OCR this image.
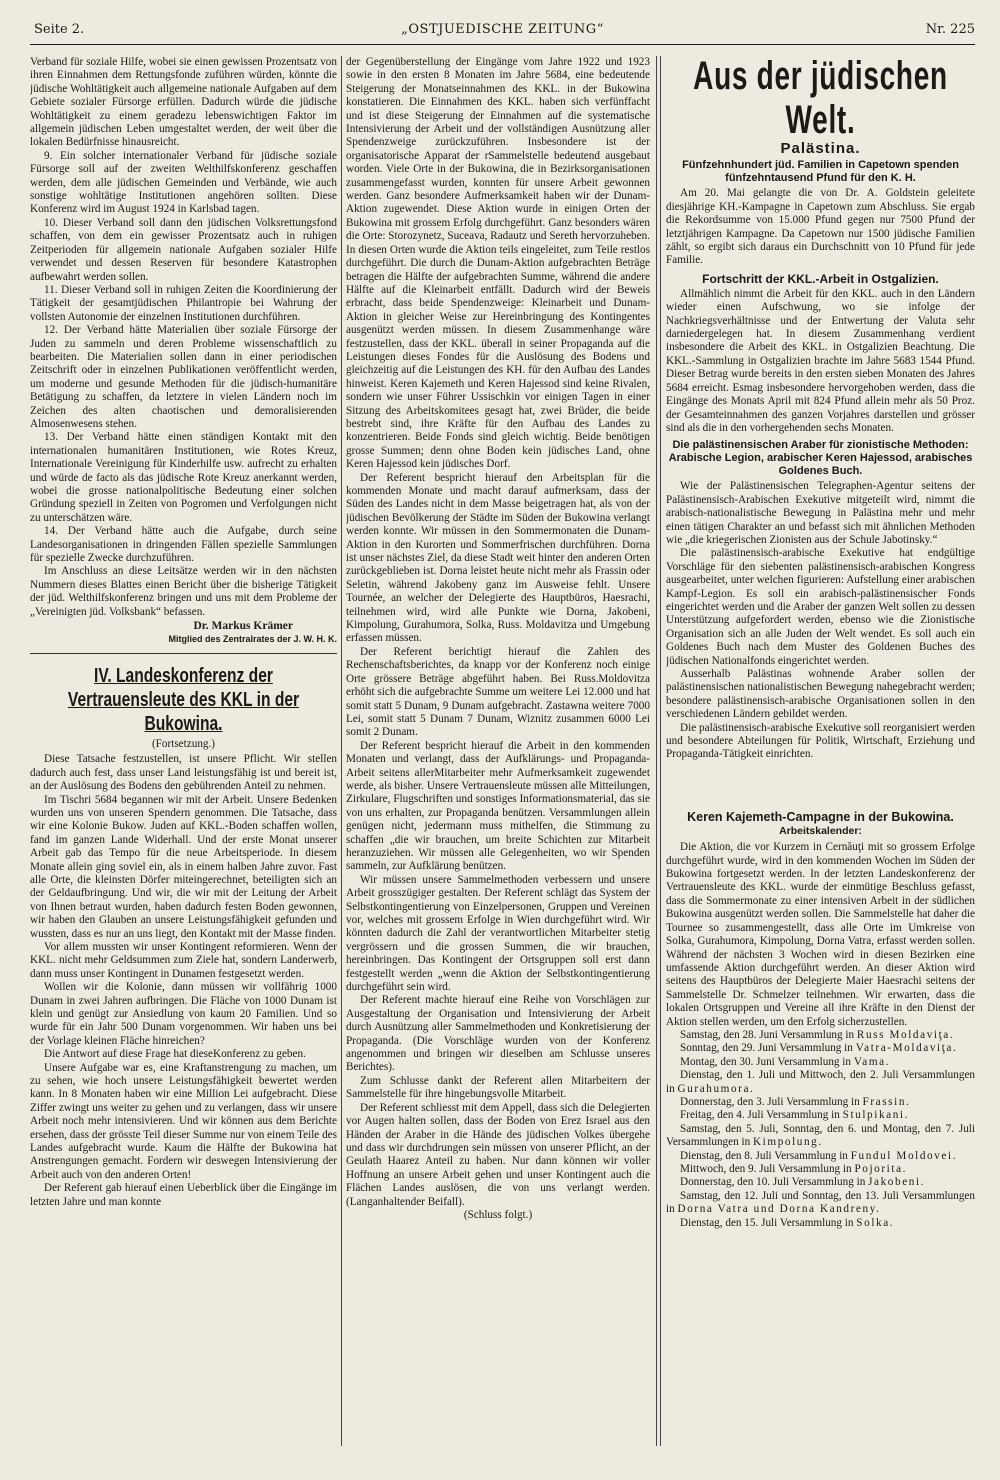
Seite 2.	„OSTJUEDISCHE ZEITUNG“	Nr. 225

Verband für soziale Hilfe, wobei sie einen gewissen Prozentsatz von ihren Einnahmen dem Rettungsfonde zuführen würden, könnte die jüdische Wohltätigkeit auch allgemeine nationale Aufgaben auf dem Gebiete sozialer Fürsorge erfüllen. Dadurch würde die jüdische Wohltätigkeit zu einem geradezu lebenswichtigen Faktor im allgemein jüdischen Leben umgestaltet werden, der weit über die lokalen Bedürfnisse hinausreicht.

9. Ein solcher internationaler Verband für jüdische soziale Fürsorge soll auf der zweiten Welthilfskonferenz geschaffen werden, dem alle jüdischen Gemeinden und Verbände, wie auch sonstige wohltätige Institutionen angehören sollten. Diese Konferenz wird im August 1924 in Karlsbad tagen.

10. Dieser Verband soll dann den jüdischen Volksrettungsfond schaffen, von dem ein gewisser Prozentsatz auch in ruhigen Zeitperioden für allgemein nationale Aufgaben sozialer Hilfe verwendet und dessen Reserven für besondere Katastrophen aufbewahrt werden sollen.

11. Dieser Verband soll in ruhigen Zeiten die Koordinierung der Tätigkeit der gesamtjüdischen Philantropie bei Wahrung der vollsten Autonomie der einzelnen Institutionen durchführen.

12. Der Verband hätte Materialien über soziale Fürsorge der Juden zu sammeln und deren Probleme wissenschaftlich zu bearbeiten. Die Materialien sollen dann in einer periodischen Zeitschrift oder in einzelnen Publikationen veröffentlicht werden, um moderne und gesunde Methoden für die jüdisch-humanitäre Betätigung zu schaffen, da letztere in vielen Ländern noch im Zeichen des alten chaotischen und demoralisierenden Almosenwesens stehen.

13. Der Verband hätte einen ständigen Kontakt mit den internationalen humanitären Institutionen, wie Rotes Kreuz, Internationale Vereinigung für Kinderhilfe usw. aufrecht zu erhalten und würde de facto als das jüdische Rote Kreuz anerkannt werden, wobei die grosse nationalpolitische Bedeutung einer solchen Gründung speziell in Zeiten von Pogromen und Verfolgungen nicht zu unterschätzen wäre.

14. Der Verband hätte auch die Aufgabe, durch seine Landesorganisationen in dringenden Fällen spezielle Sammlungen für spezielle Zwecke durchzuführen.

Im Anschluss an diese Leitsätze werden wir in den nächsten Nummern dieses Blattes einen Bericht über die bisherige Tätigkeit der jüd. Welthilfskonferenz bringen und uns mit dem Probleme der „Vereinigten jüd. Volksbank“ befassen.

Dr. Markus Krämer
Mitglied des Zentralrates der J. W. H. K.
IV. Landeskonferenz der Vertrauensleute des KKL in der Bukowina.
(Fortsetzung.)

Diese Tatsache festzustellen, ist unsere Pflicht. Wir stellen dadurch auch fest, dass unser Land leistungsfähig ist und bereit ist, an der Auslösung des Bodens den gebührenden Anteil zu nehmen.

Im Tischri 5684 begannen wir mit der Arbeit. Unsere Bedenken wurden uns von unseren Spendern genommen. Die Tatsache, dass wir eine Kolonie Bukow. Juden auf KKL.-Boden schaffen wollen, fand im ganzen Lande Widerhall. Und der erste Monat unserer Arbeit gab das Tempo für die neue Arbeitsperiode. In diesem Monate allein ging soviel ein, als in einem halben Jahre zuvor. Fast alle Orte, die kleinsten Dörfer miteingerechnet, beteiligten sich an der Geldaufbringung. Und wir, die wir mit der Leitung der Arbeit von Ihnen betraut wurden, haben dadurch festen Boden gewonnen, wir haben den Glauben an unsere Leistungsfähigkeit gefunden und wussten, dass es nur an uns liegt, den Kontakt mit der Masse finden.

Vor allem mussten wir unser Kontingent reformieren. Wenn der KKL. nicht mehr Geldsummen zum Ziele hat, sondern Landerwerb, dann muss unser Kontingent in Dunamen festgesetzt werden.

Wollen wir die Kolonie, dann müssen wir vollfährig 1000 Dunam in zwei Jahren aufbringen. Die Fläche von 1000 Dunam ist klein und genügt zur Ansiedlung von kaum 20 Familien. Und so wurde für ein Jahr 500 Dunam vorgenommen. Wir haben uns bei der Vorlage kleinen Fläche hinreichen?

Die Antwort auf diese Frage hat dieseKonferenz zu geben.

Unsere Aufgabe war es, eine Kraftanstrengung zu machen, um zu sehen, wie hoch unsere Leistungsfähigkeit bewertet werden kann. In 8 Monaten haben wir eine Million Lei aufgebracht. Diese Ziffer zwingt uns weiter zu gehen und zu verlangen, dass wir unsere Arbeit noch mehr intensivieren. Und wir können aus dem Berichte ersehen, dass der grösste Teil dieser Summe nur von einem Teile des Landes aufgebracht wurde. Kaum die Hälfte der Bukowina hat Anstrengungen gemacht. Fordern wir deswegen Intensivierung der Arbeit auch von den anderen Orten!

Der Referent gab hierauf einen Ueberblick über die Eingänge im letzten Jahre und man konnte

der Gegenüberstellung der Eingänge vom Jahre 1922 und 1923 sowie in den ersten 8 Monaten im Jahre 5684, eine bedeutende Steigerung der Monatseinnahmen des KKL. in der Bukowina konstatieren. Die Einnahmen des KKL. haben sich verfünffacht und ist diese Steigerung der Einnahmen auf die systematische Intensivierung der Arbeit und der vollständigen Ausnützung aller Spendenzweige zurückzuführen. Insbesondere ist der organisatorische Apparat der rSammelstelle bedeutend ausgebaut worden. Viele Orte in der Bukowina, die in Bezirksorganisationen zusammengefasst wurden, konnten für unsere Arbeit gewonnen werden. Ganz besondere Aufmerksamkeit haben wir der Dunam-Aktion zugewendet. Diese Aktion wurde in einigen Orten der Bukowina mit grossem Erfolg durchgeführt. Ganz besonders wären die Orte: Storozynetz, Suceava, Radautz und Sereth hervorzuheben. In diesen Orten wurde die Aktion teils eingeleitet, zum Teile restlos durchgeführt. Die durch die Dunam-Aktion aufgebrachten Beträge betragen die Hälfte der aufgebrachten Summe, während die andere Hälfte auf die Kleinarbeit entfällt. Dadurch wird der Beweis erbracht, dass beide Spendenzweige: Kleinarbeit und Dunam-Aktion in gleicher Weise zur Hereinbringung des Kontingentes ausgenützt werden müssen. In diesem Zusammenhange wäre festzustellen, dass der KKL. überall in seiner Propaganda auf die Leistungen dieses Fondes für die Auslösung des Bodens und gleichzeitig auf die Leistungen des KH. für den Aufbau des Landes hinweist. Keren Kajemeth und Keren Hajessod sind keine Rivalen, sondern wie unser Führer Ussischkin vor einigen Tagen in einer Sitzung des Arbeitskomitees gesagt hat, zwei Brüder, die beide bestrebt sind, ihre Kräfte für den Aufbau des Landes zu konzentrieren. Beide Fonds sind gleich wichtig. Beide benötigen grosse Summen; denn ohne Boden kein jüdisches Land, ohne Keren Hajessod kein jüdisches Dorf.

Der Referent bespricht hierauf den Arbeitsplan für die kommenden Monate und macht darauf aufmerksam, dass der Süden des Landes nicht in dem Masse beigetragen hat, als von der jüdischen Bevölkerung der Städte im Süden der Bukowina verlangt werden konnte. Wir müssen in den Sommermonaten die Dunam-Aktion in den Kurorten und Sommerfrischen durchführen. Dorna ist unser nächstes Ziel, da diese Stadt weit hinter den anderen Orten zurückgeblieben ist. Dorna leistet heute nicht mehr als Frassin oder Seletin, während Jakobeny ganz im Ausweise fehlt. Unsere Tournée, an welcher der Delegierte des Hauptbüros, Haesrachi, teilnehmen wird, wird alle Punkte wie Dorna, Jakobeni, Kimpolung, Gurahumora, Solka, Russ. Moldavitza und Umgebung erfassen müssen.

Der Referent berichtigt hierauf die Zahlen des Rechenschaftsberichtes, da knapp vor der Konferenz noch einige Orte grössere Beträge abgeführt haben. Bei Russ.Moldovitza erhöht sich die aufgebrachte Summe um weitere Lei 12.000 und hat somit statt 5 Dunam, 9 Dunam aufgebracht. Zastawna weitere 7000 Lei, somit statt 5 Dunam 7 Dunam, Wiznitz zusammen 6000 Lei somit 2 Dunam.

Der Referent bespricht hierauf die Arbeit in den kommenden Monaten und verlangt, dass der Aufklärungs- und Propaganda-Arbeit seitens allerMitarbeiter mehr Aufmerksamkeit zugewendet werde, als bisher. Unsere Vertrauensleute müssen alle Mitteilungen, Zirkulare, Flugschriften und sonstiges Informationsmaterial, das sie von uns erhalten, zur Propaganda benützen. Versammlungen allein genügen nicht, jedermann muss mithelfen, die Stimmung zu schaffen „die wir brauchen, um breite Schichten zur Mitarbeit heranzuziehen. Wir müssen alle Gelegenheiten, wo wir Spenden sammeln, zur Aufklärung benützen.

Wir müssen unsere Sammelmethoden verbessern und unsere Arbeit grosszügiger gestalten. Der Referent schlägt das System der Selbstkontingentierung von Einzelpersonen, Gruppen und Vereinen vor, welches mit grossem Erfolge in Wien durchgeführt wird. Wir könnten dadurch die Zahl der verantwortlichen Mitarbeiter stetig vergrössern und die grossen Summen, die wir brauchen, hereinbringen. Das Kontingent der Ortsgruppen soll erst dann festgestellt werden „wenn die Aktion der Selbstkontingentierung durchgeführt sein wird.

Der Referent machte hierauf eine Reihe von Vorschlägen zur Ausgestaltung der Organisation und Intensivierung der Arbeit durch Ausnützung aller Sammelmethoden und Konkretisierung der Propaganda. (Die Vorschläge wurden von der Konferenz angenommen und bringen wir dieselben am Schlusse unseres Berichtes).

Zum Schlusse dankt der Referent allen Mitarbeitern der Sammelstelle für ihre hingebungsvolle Mitarbeit.

Der Referent schliesst mit dem Appell, dass sich die Delegierten vor Augen halten sollen, dass der Boden von Erez Israel aus den Händen der Araber in die Hände des jüdischen Volkes übergehe und dass wir durchdrungen sein müssen von unserer Pflicht, an der Geulath Haarez Anteil zu haben. Nur dann können wir voller Hoffnung an unsere Arbeit gehen und unser Kontingent auch die Flächen Landes auslösen, die von uns verlangt werden. (Langanhaltender Beifall).

(Schluss folgt.)

Aus der jüdischen Welt.
Palästina.
Fünfzehnhundert jüd. Familien in Capetown spenden fünfzehntausend Pfund für den K. H.

Am 20. Mai gelangte die von Dr. A. Goldstein geleitete diesjährige KH.-Kampagne in Capetown zum Abschluss. Sie ergab die Rekordsumme von 15.000 Pfund gegen nur 7500 Pfund der letztjährigen Kampagne. Da Capetown nur 1500 jüdische Familien zählt, so ergibt sich daraus ein Durchschnitt von 10 Pfund für jede Familie.

Fortschritt der KKL.-Arbeit in Ostgalizien.

Allmählich nimmt die Arbeit für den KKL. auch in den Ländern wieder einen Aufschwung, wo sie infolge der Nachkriegsverhältnisse und der Entwertung der Valuta sehr darniedergelegen hat. In diesem Zusammenhang verdient insbesondere die Arbeit des KKL. in Ostgalizien Beachtung. Die KKL.-Sammlung in Ostgalizien brachte im Jahre 5683 1544 Pfund. Dieser Betrag wurde bereits in den ersten sieben Monaten des Jahres 5684 erreicht. Esmag insbesondere hervorgehoben werden, dass die Eingänge des Monats April mit 824 Pfund allein mehr als 50 Proz. der Gesamteinnahmen des ganzen Vorjahres darstellen und grösser sind als die in den vorhergehenden sechs Monaten.

Die palästinensischen Araber für zionistische Methoden: Arabische Legion, arabischer Keren Hajessod, arabisches Goldenes Buch.

Wie der Palästinensischen Telegraphen-Agentur seitens der Palästinensisch-Arabischen Exekutive mitgeteilt wird, nimmt die arabisch-nationalistische Bewegung in Palästina mehr und mehr einen tätigen Charakter an und befasst sich mit ähnlichen Methoden wie „die kriegerischen Zionisten aus der Schule Jabotinsky.“

Die palästinensisch-arabische Exekutive hat endgültige Vorschläge für den siebenten palästinensisch-arabischen Kongress ausgearbeitet, unter welchen figurieren: Aufstellung einer arabischen Kampf-Legion. Es soll ein arabisch-palästinensischer Fonds eingerichtet werden und die Araber der ganzen Welt sollen zu dessen Unterstützung aufgefordert werden, ebenso wie die Zionistische Organisation sich an alle Juden der Welt wendet. Es soll auch ein Goldenes Buch nach dem Muster des Goldenen Buches des jüdischen Nationalfonds eingerichtet werden.

Ausserhalb Palästinas wohnende Araber sollen der palästinensischen nationalistischen Bewegung nahegebracht werden; besondere palästinensisch-arabische Organisationen sollen in den verschiedenen Ländern gebildet werden.

Die palästinensisch-arabische Exekutive soll reorganisiert werden und besondere Abteilungen für Politik, Wirtschaft, Erziehung und Propaganda-Tätigkeit einrichten.

Keren Kajemeth-Campagne in der Bukowina.
Arbeitskalender:

Die Aktion, die vor Kurzem in Cernăuţi mit so grossem Erfolge durchgeführt wurde, wird in den kommenden Wochen im Süden der Bukowina fortgesetzt werden. In der letzten Landeskonferenz der Vertrauensleute des KKL. wurde der einmütige Beschluss gefasst, dass die Sommermonate zu einer intensiven Arbeit in der südlichen Bukowina ausgenützt werden sollen. Die Sammelstelle hat daher die Tournee so zusammengestellt, dass alle Orte im Umkreise von Solka, Gurahumora, Kimpolung, Dorna Vatra, erfasst werden sollen. Während der nächsten 3 Wochen wird in diesen Bezirken eine umfassende Aktion durchgeführt werden. An dieser Aktion wird seitens des Hauptbüros der Delegierte Maier Haesrachi seitens der Sammelstelle Dr. Schmelzer teilnehmen. Wir erwarten, dass die lokalen Ortsgruppen und Vereine all ihre Kräfte in den Dienst der Aktion stellen werden, um den Erfolg sicherzustellen.

Samstag, den 28. Juni Versammlung in Russ Moldaviţa.

Sonntag, den 29. Juni Versammlung in Vatra-Moldaviţa.

Montag, den 30. Juni Versammlung in Vama.

Dienstag, den 1. Juli und Mittwoch, den 2. Juli Versammlungen in Gurahumora.

Donnerstag, den 3. Juli Versammlung in Frassin.

Freitag, den 4. Juli Versammlung in Stulpikani.

Samstag, den 5. Juli, Sonntag, den 6. und Montag, den 7. Juli Versammlungen in Kimpolung.

Dienstag, den 8. Juli Versammlung in Fundul Moldovei.

Mittwoch, den 9. Juli Versammlung in Pojorita.

Donnerstag, den 10. Juli Versammlung in Jakobeni.

Samstag, den 12. Juli und Sonntag, den 13. Juli Versammlungen in Dorna Vatra und Dorna Kandreny.

Dienstag, den 15. Juli Versammlung in Solka.
